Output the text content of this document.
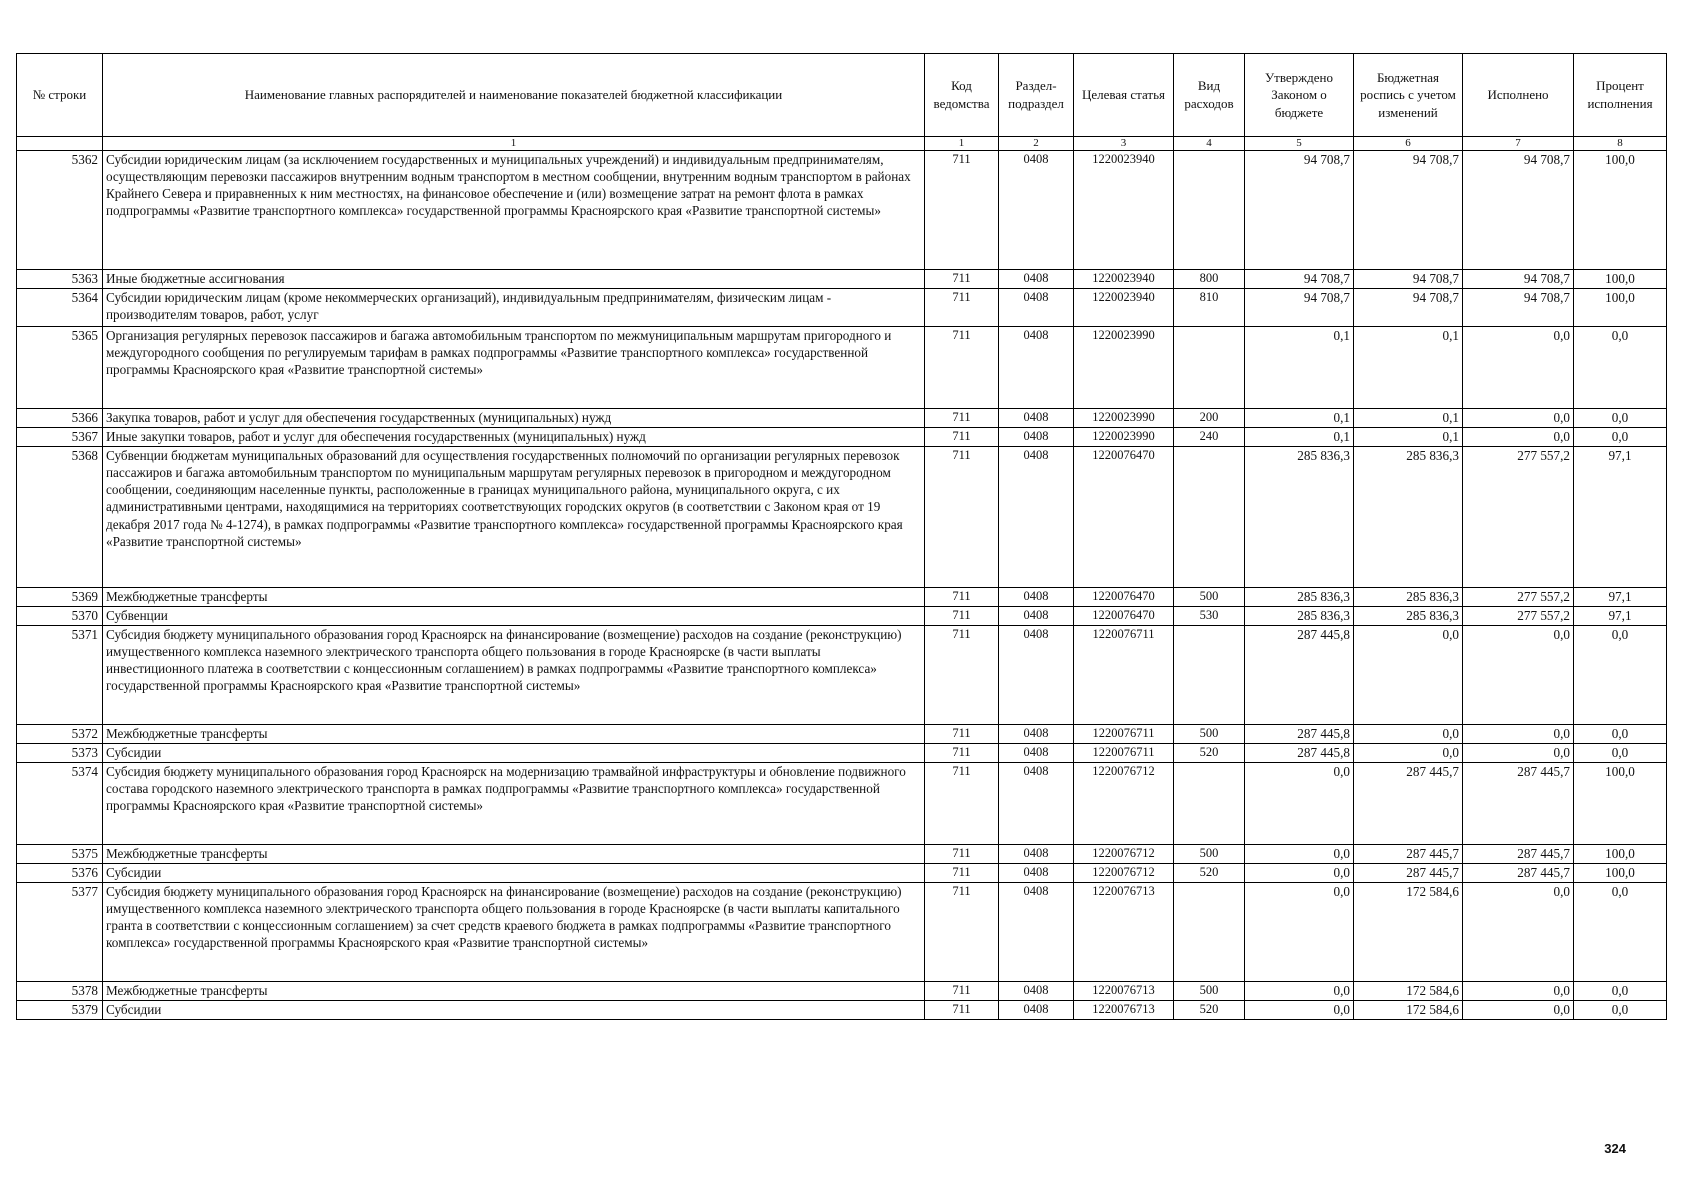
№ строки	Наименование главных распорядителей и наименование показателей бюджетной классификации	Код ведомства	Раздел-подраздел	Целевая статья	Вид расходов	Утверждено Законом о бюджете	Бюджетная роспись с учетом изменений	Исполнено	Процент исполнения
	1	1	2	3	4	5	6	7	8
5362	Субсидии юридическим лицам (за исключением государственных и муниципальных учреждений) и индивидуальным предпринимателям, осуществляющим перевозки пассажиров внутренним водным транспортом в местном сообщении, внутренним водным транспортом в районах Крайнего Севера и приравненных к ним местностях, на финансовое обеспечение и (или) возмещение затрат на ремонт флота в рамках подпрограммы «Развитие транспортного комплекса» государственной программы Красноярского края «Развитие транспортной системы»	711	0408	1220023940		94 708,7	94 708,7	94 708,7	100,0
5363	Иные бюджетные ассигнования	711	0408	1220023940	800	94 708,7	94 708,7	94 708,7	100,0
5364	Субсидии юридическим лицам (кроме некоммерческих организаций), индивидуальным предпринимателям, физическим лицам - производителям товаров, работ, услуг	711	0408	1220023940	810	94 708,7	94 708,7	94 708,7	100,0
5365	Организация регулярных перевозок пассажиров и багажа автомобильным транспортом по межмуниципальным маршрутам пригородного и междугородного сообщения по регулируемым тарифам в рамках подпрограммы «Развитие транспортного комплекса» государственной программы Красноярского края «Развитие транспортной системы»	711	0408	1220023990		0,1	0,1	0,0	0,0
5366	Закупка товаров, работ и услуг для обеспечения государственных (муниципальных) нужд	711	0408	1220023990	200	0,1	0,1	0,0	0,0
5367	Иные закупки товаров, работ и услуг для обеспечения государственных (муниципальных) нужд	711	0408	1220023990	240	0,1	0,1	0,0	0,0
5368	Субвенции бюджетам муниципальных образований для осуществления государственных полномочий по организации регулярных перевозок пассажиров и багажа автомобильным транспортом по муниципальным маршрутам регулярных перевозок в пригородном и междугородном сообщении, соединяющим населенные пункты, расположенные в границах муниципального района, муниципального округа, с их административными центрами, находящимися на территориях соответствующих городских округов (в соответствии с Законом края от 19 декабря 2017 года № 4-1274), в рамках подпрограммы «Развитие транспортного комплекса» государственной программы Красноярского края «Развитие транспортной системы»	711	0408	1220076470		285 836,3	285 836,3	277 557,2	97,1
5369	Межбюджетные трансферты	711	0408	1220076470	500	285 836,3	285 836,3	277 557,2	97,1
5370	Субвенции	711	0408	1220076470	530	285 836,3	285 836,3	277 557,2	97,1
5371	Субсидия бюджету муниципального образования город Красноярск на финансирование (возмещение) расходов на создание (реконструкцию) имущественного комплекса наземного электрического транспорта общего пользования в городе Красноярске (в части выплаты инвестиционного платежа в соответствии с концессионным соглашением) в рамках подпрограммы «Развитие транспортного комплекса» государственной программы Красноярского края «Развитие транспортной системы»	711	0408	1220076711		287 445,8	0,0	0,0	0,0
5372	Межбюджетные трансферты	711	0408	1220076711	500	287 445,8	0,0	0,0	0,0
5373	Субсидии	711	0408	1220076711	520	287 445,8	0,0	0,0	0,0
5374	Субсидия бюджету муниципального образования город Красноярск на модернизацию трамвайной инфраструктуры и обновление подвижного состава городского наземного электрического транспорта в рамках подпрограммы «Развитие транспортного комплекса» государственной программы Красноярского края «Развитие транспортной системы»	711	0408	1220076712		0,0	287 445,7	287 445,7	100,0
5375	Межбюджетные трансферты	711	0408	1220076712	500	0,0	287 445,7	287 445,7	100,0
5376	Субсидии	711	0408	1220076712	520	0,0	287 445,7	287 445,7	100,0
5377	Субсидия бюджету муниципального образования город Красноярск на финансирование (возмещение) расходов на создание (реконструкцию) имущественного комплекса наземного электрического транспорта общего пользования в городе Красноярске (в части выплаты капитального гранта в соответствии с концессионным соглашением) за счет средств краевого бюджета в рамках подпрограммы «Развитие транспортного комплекса» государственной программы Красноярского края «Развитие транспортной системы»	711	0408	1220076713		0,0	172 584,6	0,0	0,0
5378	Межбюджетные трансферты	711	0408	1220076713	500	0,0	172 584,6	0,0	0,0
5379	Субсидии	711	0408	1220076713	520	0,0	172 584,6	0,0	0,0
324
